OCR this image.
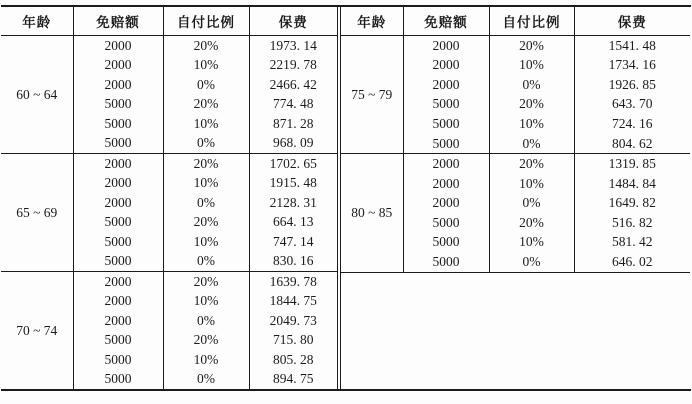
年龄	免赔额	自付比例	保费
60 ~ 64	2000	20%	1973. 14
	2000	10%	2219. 78
	2000	0%	2466. 42
	5000	20%	774. 48
	5000	10%	871. 28
	5000	0%	968. 09
65 ~ 69	2000	20%	1702. 65
	2000	10%	1915. 48
	2000	0%	2128. 31
	5000	20%	664. 13
	5000	10%	747. 14
	5000	0%	830. 16
70 ~ 74	2000	20%	1639. 78
	2000	10%	1844. 75
	2000	0%	2049. 73
	5000	20%	715. 80
	5000	10%	805. 28
	5000	0%	894. 75
年龄	免赔额	自付比例	保费
75 ~ 79	2000	20%	1541. 48
	2000	10%	1734. 16
	2000	0%	1926. 85
	5000	20%	643. 70
	5000	10%	724. 16
	5000	0%	804. 62
80 ~ 85	2000	20%	1319. 85
	2000	10%	1484. 84
	2000	0%	1649. 82
	5000	20%	516. 82
	5000	10%	581. 42
	5000	0%	646. 02
